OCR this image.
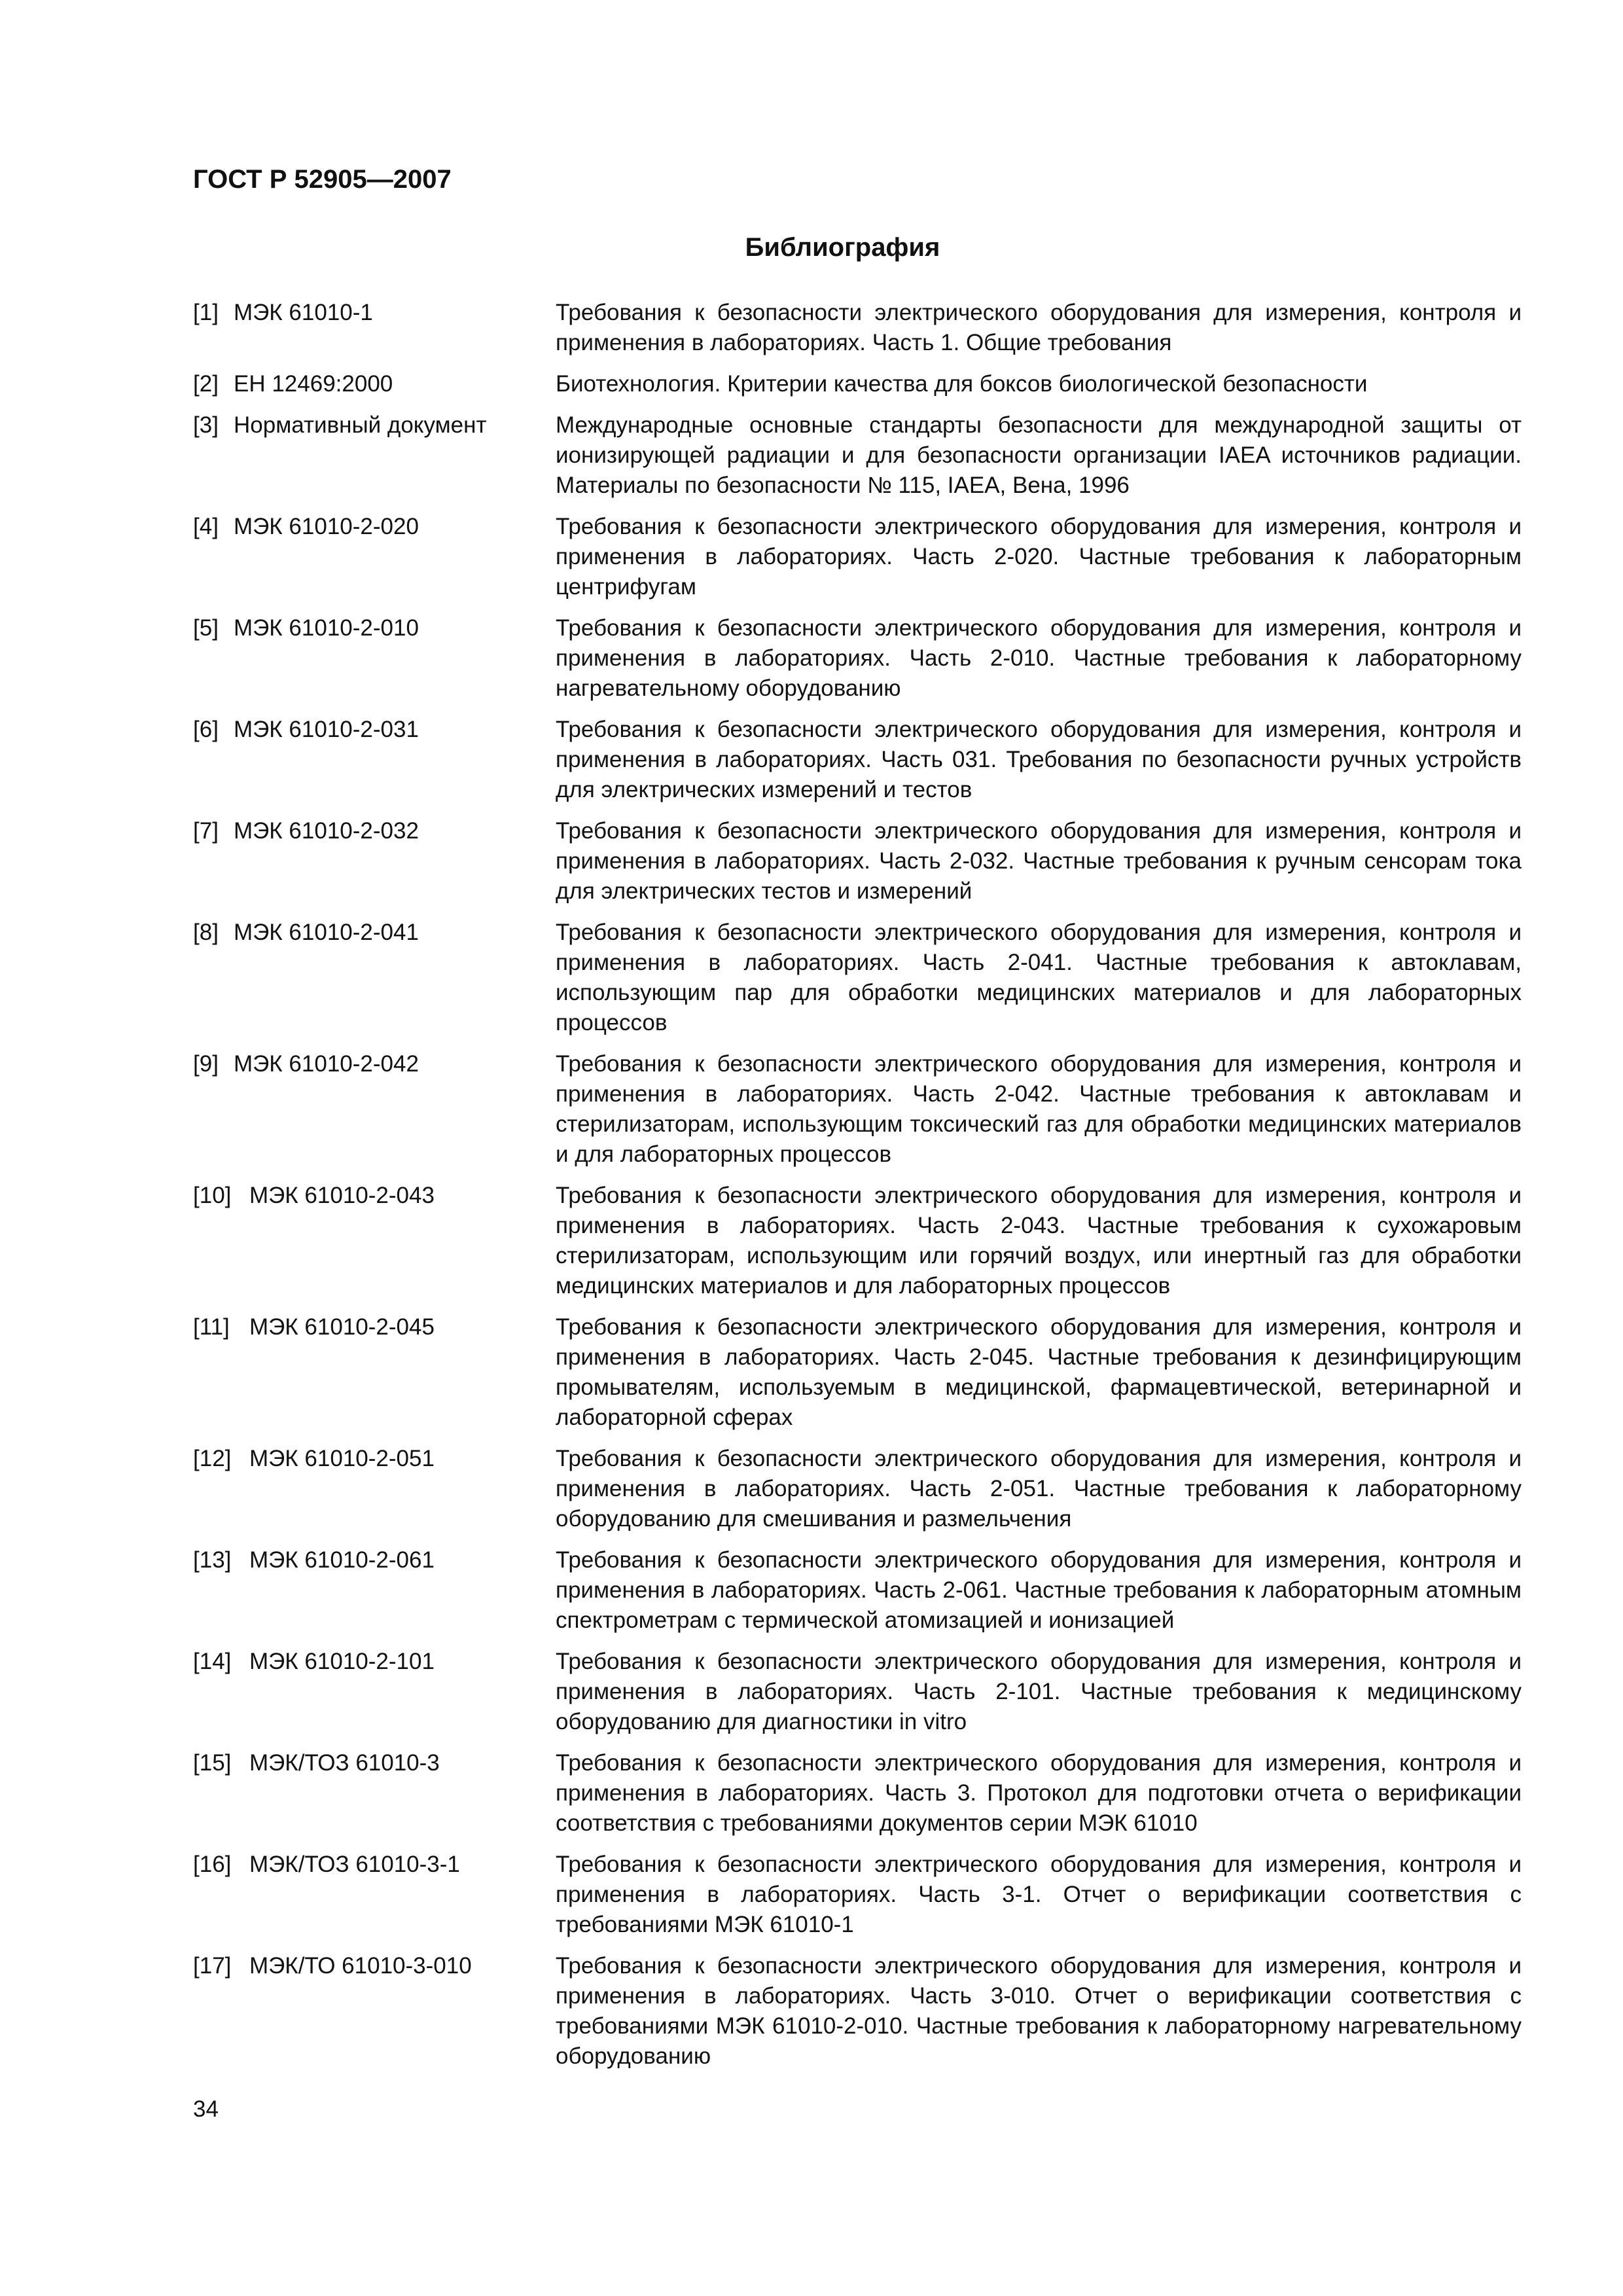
ГОСТ Р 52905—2007

Библиография
[1] МЭК 61010-1	Требования к безопасности электрического оборудования для измерения, контроля и применения в лабораториях. Часть 1. Общие требования
[2] ЕН 12469:2000	Биотехнология. Критерии качества для боксов биологической безопасности
[3] Нормативный документ	Международные основные стандарты безопасности для международной защиты от ионизирующей радиации и для безопасности организации IAEA источников радиации. Материалы по безопасности № 115, IAEA, Вена, 1996
[4] МЭК 61010-2-020	Требования к безопасности электрического оборудования для измерения, контроля и применения в лабораториях. Часть 2-020. Частные требования к лабораторным центрифугам
[5] МЭК 61010-2-010	Требования к безопасности электрического оборудования для измерения, контроля и применения в лабораториях. Часть 2-010. Частные требования к лабораторному нагревательному оборудованию
[6] МЭК 61010-2-031	Требования к безопасности электрического оборудования для измерения, контроля и применения в лабораториях. Часть 031. Требования по безопасности ручных устройств для электрических измерений и тестов
[7] МЭК 61010-2-032	Требования к безопасности электрического оборудования для измерения, контроля и применения в лабораториях. Часть 2-032. Частные требования к ручным сенсорам тока для электрических тестов и измерений
[8] МЭК 61010-2-041	Требования к безопасности электрического оборудования для измерения, контроля и применения в лабораториях. Часть 2-041. Частные требования к автоклавам, использующим пар для обработки медицинских материалов и для лабораторных процессов
[9] МЭК 61010-2-042	Требования к безопасности электрического оборудования для измерения, контроля и применения в лабораториях. Часть 2-042. Частные требования к автоклавам и стерилизаторам, использующим токсический газ для обработки медицинских материалов и для лабораторных процессов
[10] МЭК 61010-2-043	Требования к безопасности электрического оборудования для измерения, контроля и применения в лабораториях. Часть 2-043. Частные требования к сухожаровым стерилизаторам, использующим или горячий воздух, или инертный газ для обработки медицинских материалов и для лабораторных процессов
[11] МЭК 61010-2-045	Требования к безопасности электрического оборудования для измерения, контроля и применения в лабораториях. Часть 2-045. Частные требования к дезинфицирующим промывателям, используемым в медицинской, фармацевтической, ветеринарной и лабораторной сферах
[12] МЭК 61010-2-051	Требования к безопасности электрического оборудования для измерения, контроля и применения в лабораториях. Часть 2-051. Частные требования к лабораторному оборудованию для смешивания и размельчения
[13] МЭК 61010-2-061	Требования к безопасности электрического оборудования для измерения, контроля и применения в лабораториях. Часть 2-061. Частные требования к лабораторным атомным спектрометрам с термической атомизацией и ионизацией
[14] МЭК 61010-2-101	Требования к безопасности электрического оборудования для измерения, контроля и применения в лабораториях. Часть 2-101. Частные требования к медицинскому оборудованию для диагностики in vitro
[15] МЭК/ТОЗ 61010-3	Требования к безопасности электрического оборудования для измерения, контроля и применения в лабораториях. Часть 3. Протокол для подготовки отчета о верификации соответствия с требованиями документов серии МЭК 61010
[16] МЭК/ТОЗ 61010-3-1	Требования к безопасности электрического оборудования для измерения, контроля и применения в лабораториях. Часть 3-1. Отчет о верификации соответствия с требованиями МЭК 61010-1
[17] МЭК/ТО 61010-3-010	Требования к безопасности электрического оборудования для измерения, контроля и применения в лабораториях. Часть 3-010. Отчет о верификации соответствия с требованиями МЭК 61010-2-010. Частные требования к лабораторному нагревательному оборудованию

34
